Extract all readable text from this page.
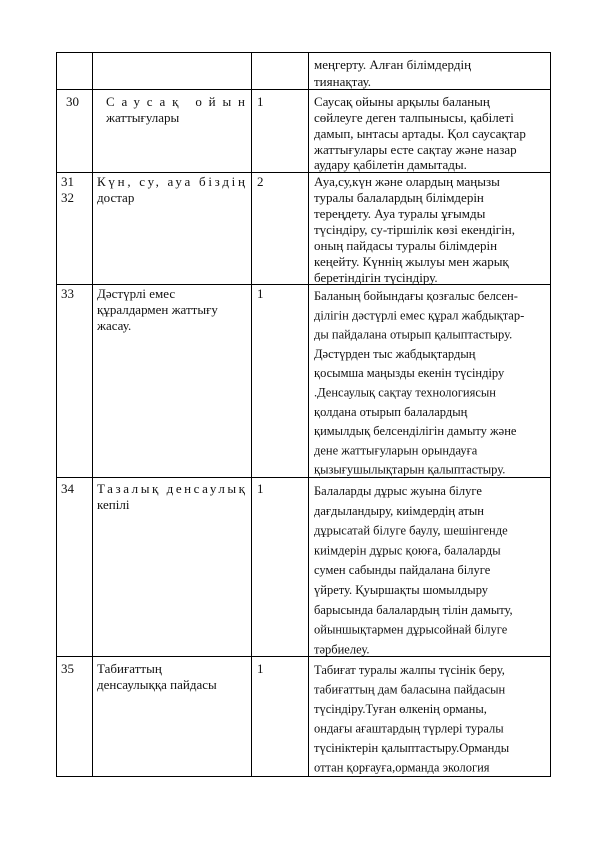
меңгерту. Алған білімдердің
тиянақтау.
30 Саусақ ойын
жаттығулары
1	Саусақ ойыны арқылы баланың
сөйлеуге деген талпынысы, қабілеті
дамып, ынтасы артады. Қол саусақтар
жаттығулары есте сақтау және назар
аудару қабілетін дамытады.
31
32
Күн, су, ауа біздің
достар
2	Ауа,су,күн және олардың маңызы
туралы балалардың білімдерін
тереңдету. Ауа туралы ұғымды
түсіндіру, су-тіршілік көзі екендігін,
оның пайдасы туралы білімдерін
кеңейту. Күннің жылуы мен жарық
беретіндігін түсіндіру.
33 Дәстүрлі емес
құралдармен жаттығу
жасау.
1	Баланың бойындағы қозғалыс белсен-
ділігін дәстүрлі емес құрал жабдықтар-
ды пайдалана отырып қалыптастыру.
Дәстүрден тыс жабдықтардың
қосымша маңызды екенін түсіндіру
.Денсаулық сақтау технологиясын
қолдана отырып балалардың
қимылдық белсенділігін дамыту және
дене жаттығуларын орындауға
қызығушылықтарын қалыптастыру.
34 Тазалық денсаулық
кепілі
1	Балаларды дұрыс жуына білуге
дағдыландыру, киімдердің атын
дұрысатай білуге баулу, шешінгенде
киімдерін дұрыс қоюға, балаларды
сумен сабынды пайдалана білуге
үйрету. Қуыршақты шомылдыру
барысында балалардың тілін дамыту,
ойыншықтармен дұрысойнай білуге
тәрбиелеу.
35 Табиғаттың
денсаулыққа пайдасы
1	Табиғат туралы жалпы түсінік беру,
табиғаттың дам баласына пайдасын
түсіндіру.Туған өлкенің орманы,
ондағы ағаштардың түрлері туралы
түсініктерін қалыптастыру.Орманды
оттан қорғауға,орманда экология
